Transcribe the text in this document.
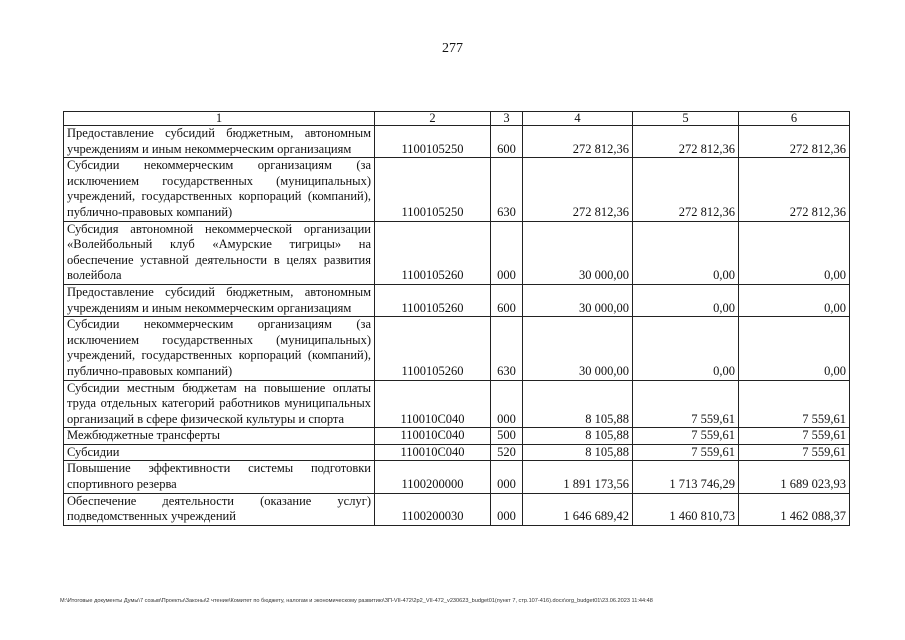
277
1	2	3	4	5	6
Предоставление субсидий бюджетным, автономным учреждениям и иным некоммерческим организациям	1100105250	600	272 812,36	272 812,36	272 812,36
Субсидии некоммерческим организациям (за исключением государственных (муниципальных) учреждений, государственных корпораций (компаний), публично-правовых компаний)	1100105250	630	272 812,36	272 812,36	272 812,36
Субсидия автономной некоммерческой организации «Волейбольный клуб «Амурские тигрицы» на обеспечение уставной деятельности в целях развития волейбола	1100105260	000	30 000,00	0,00	0,00
Предоставление субсидий бюджетным, автономным учреждениям и иным некоммерческим организациям	1100105260	600	30 000,00	0,00	0,00
Субсидии некоммерческим организациям (за исключением государственных (муниципальных) учреждений, государственных корпораций (компаний), публично-правовых компаний)	1100105260	630	30 000,00	0,00	0,00
Субсидии местным бюджетам на повышение оплаты труда отдельных категорий работников муниципальных организаций в сфере физической культуры и спорта	110010С040	000	8 105,88	7 559,61	7 559,61
Межбюджетные трансферты	110010С040	500	8 105,88	7 559,61	7 559,61
Субсидии	110010С040	520	8 105,88	7 559,61	7 559,61
Повышение эффективности системы подготовки спортивного резерва	1100200000	000	1 891 173,56	1 713 746,29	1 689 023,93
Обеспечение деятельности (оказание услуг) подведомственных учреждений	1100200030	000	1 646 689,42	1 460 810,73	1 462 088,37
M:\Итоговые документы Думы\7 созыв\Проекты\Законы\2 чтение\Комитет по бюджету, налогам и экономическому развитию\ЗП-VII-472\2p2_VII-472_v230623_budget01(пункт 7, стр.107-416).docx\org_budget01\23.06.2023 11:44:48
